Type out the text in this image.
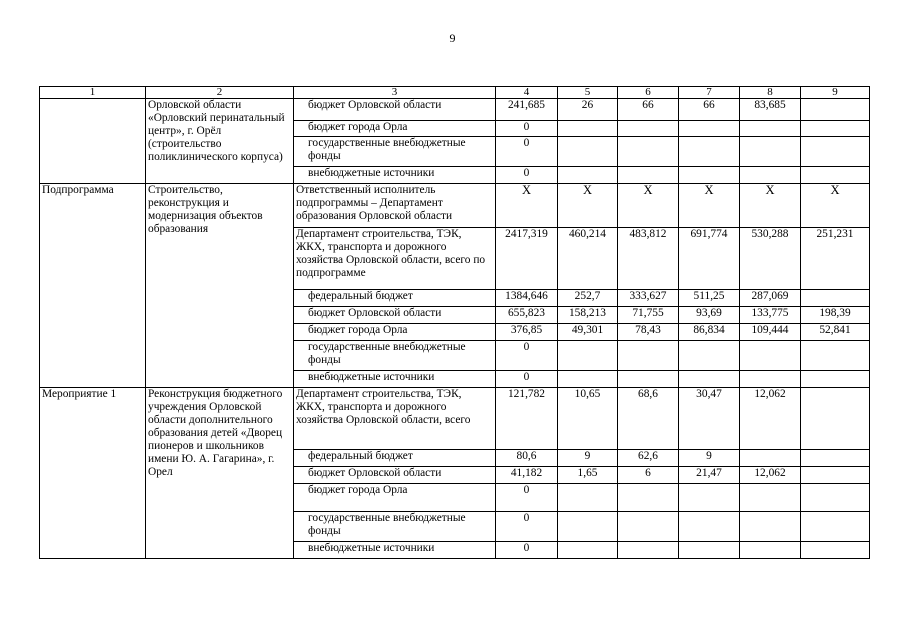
9
1	2	3	4	5	6	7	8	9
	Орловской области «Орловский перинатальный центр», г. Орёл (строительство поликлинического корпуса)	бюджет Орловской области	241,685	26	66	66	83,685	
		бюджет города Орла	0					
		государственные внебюджетные фонды	0					
		внебюджетные источники	0					
Подпрограмма	Строительство, реконструкция и модернизация объектов образования	Ответственный исполнитель подпрограммы – Департамент образования Орловской области	X	X	X	X	X	X
		Департамент строительства, ТЭК, ЖКХ, транспорта и дорожного хозяйства Орловской области, всего по подпрограмме	2417,319	460,214	483,812	691,774	530,288	251,231
		федеральный бюджет	1384,646	252,7	333,627	511,25	287,069	
		бюджет Орловской области	655,823	158,213	71,755	93,69	133,775	198,39
		бюджет города Орла	376,85	49,301	78,43	86,834	109,444	52,841
		государственные внебюджетные фонды	0					
		внебюджетные источники	0					
Мероприятие 1	Реконструкция бюджетного учреждения Орловской области дополнительного образования детей «Дворец пионеров и школьников имени Ю. А. Гагарина», г. Орел	Департамент строительства, ТЭК, ЖКХ, транспорта и дорожного хозяйства Орловской области, всего	121,782	10,65	68,6	30,47	12,062	
		федеральный бюджет	80,6	9	62,6	9		
		бюджет Орловской области	41,182	1,65	6	21,47	12,062	
		бюджет города Орла	0					
		государственные внебюджетные фонды	0					
		внебюджетные источники	0					
